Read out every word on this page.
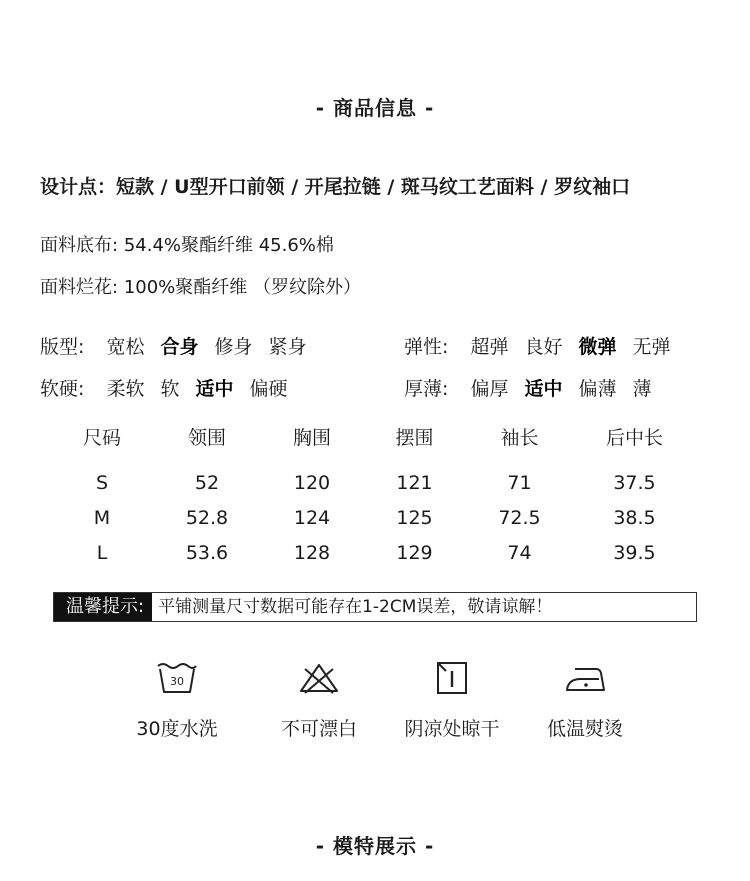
- 商品信息 -
设计点：短款 / U型开口前领 / 开尾拉链 / 斑马纹工艺面料 / 罗纹袖口
面料底布: 54.4%聚酯纤维 45.6%棉
面料烂花: 100%聚酯纤维 （罗纹除外）
版型: 宽松 合身 修身 紧身
软硬: 柔软 软 适中 偏硬
弹性: 超弹 良好 微弹 无弹
厚薄: 偏厚 适中 偏薄 薄
尺码	领围	胸围	摆围	袖长	后中长
S	52	120	121	71	37.5
M	52.8	124	125	72.5	38.5
L	53.6	128	129	74	39.5
温馨提示: 平铺测量尺寸数据可能存在1-2CM误差，敬请谅解！
30
30度水洗	不可漂白	阴凉处晾干	低温熨烫
- 模特展示 -
